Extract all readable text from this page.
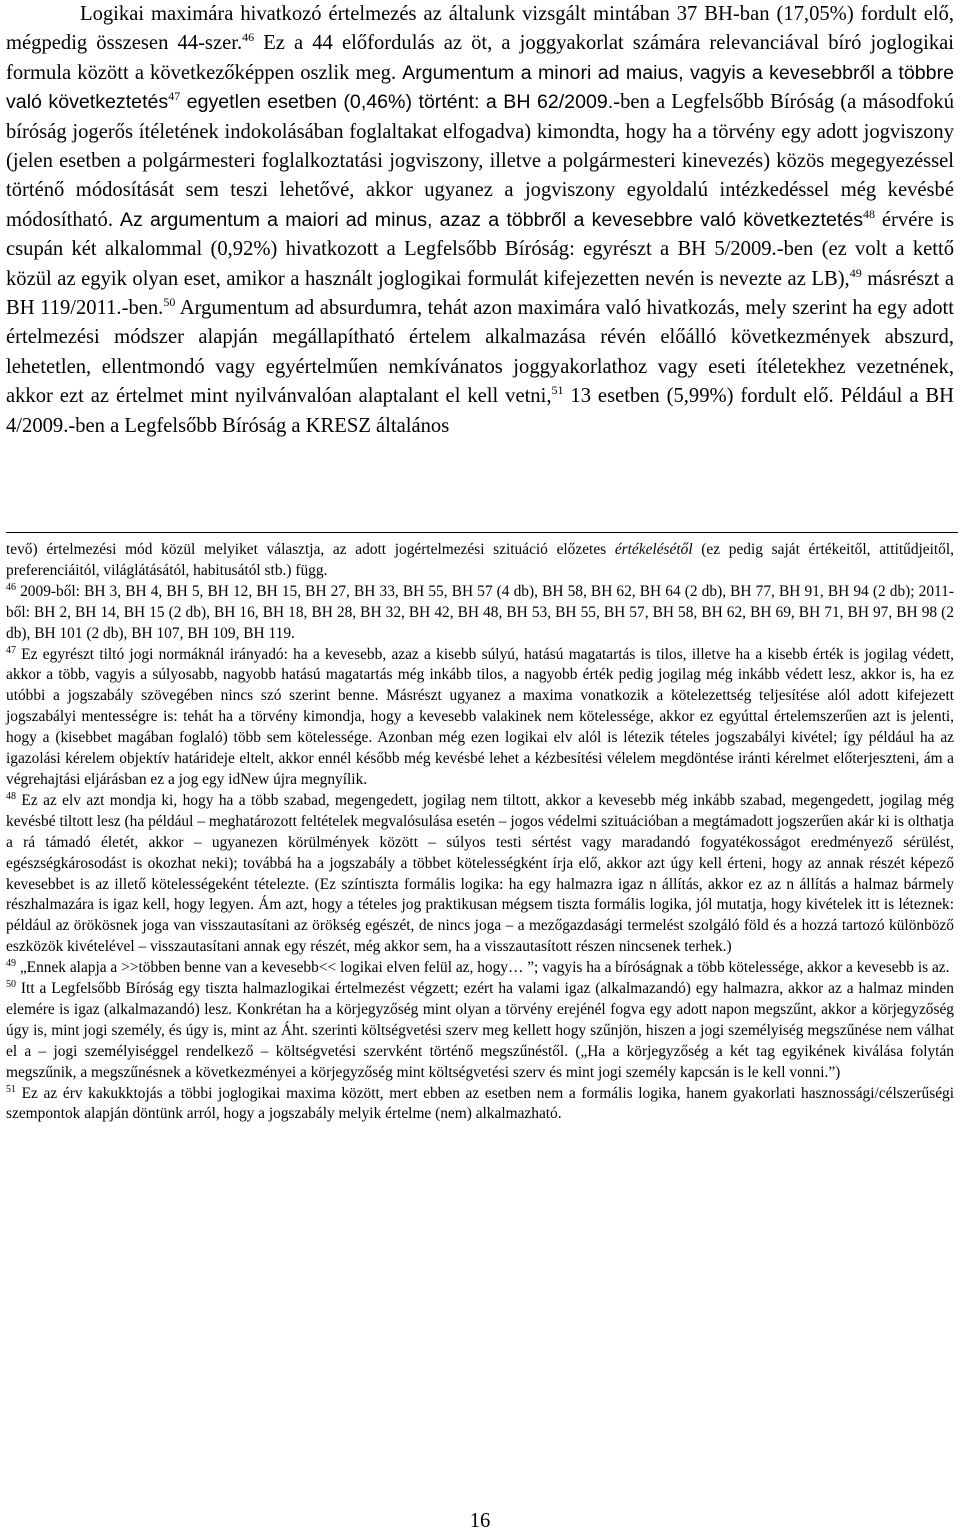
Logikai maximára hivatkozó értelmezés az általunk vizsgált mintában 37 BH-ban (17,05%) fordult elő, mégpedig összesen 44-szer.$^{46}$ Ez a 44 előfordulás az öt, a joggyakorlat számára relevanciával bíró joglogikai formula között a következőképpen oszlik meg. Argumentum a minori ad maius, vagyis a kevesebbről a többre való következtetés$^{47}$ egyetlen esetben (0,46%) történt: a BH 62/2009.-ben a Legfelsőbb Bíróság (a másodfokú bíróság jogerős ítéletének indokolásában foglaltakat elfogadva) kimondta, hogy ha a törvény egy adott jogviszony (jelen esetben a polgármesteri foglalkoztatási jogviszony, illetve a polgármesteri kinevezés) közös megegyezéssel történő módosítását sem teszi lehetővé, akkor ugyanez a jogviszony egyoldalú intézkedéssel még kevésbé módosítható. Az argumentum a maiori ad minus, azaz a többről a kevesebbre való következtetés$^{48}$ érvére is csupán két alkalommal (0,92%) hivatkozott a Legfelsőbb Bíróság: egyrészt a BH 5/2009.-ben (ez volt a kettő közül az egyik olyan eset, amikor a használt joglogikai formulát kifejezetten nevén is nevezte az LB),$^{49}$ másrészt a BH 119/2011.-ben.$^{50}$ Argumentum ad absurdumra, tehát azon maximára való hivatkozás, mely szerint ha egy adott értelmezési módszer alapján megállapítható értelem alkalmazása révén előálló következmények abszurd, lehetetlen, ellentmondó vagy egyértelműen nemkívánatos joggyakorlathoz vagy eseti ítéletekhez vezetnének, akkor ezt az értelmet mint nyilvánvalóan alaptalant el kell vetni,$^{51}$ 13 esetben (5,99%) fordult elő. Például a BH 4/2009.-ben a Legfelsőbb Bíróság a KRESZ általános

tevő) értelmezési mód közül melyiket választja, az adott jogértelmezési szituáció előzetes értékelésétől (ez pedig saját értékeitől, attitűdjeitől, preferenciáitól, világlátásától, habitusától stb.) függ.

$^{46}$ 2009-ből: BH 3, BH 4, BH 5, BH 12, BH 15, BH 27, BH 33, BH 55, BH 57 (4 db), BH 58, BH 62, BH 64 (2 db), BH 77, BH 91, BH 94 (2 db); 2011-ből: BH 2, BH 14, BH 15 (2 db), BH 16, BH 18, BH 28, BH 32, BH 42, BH 48, BH 53, BH 55, BH 57, BH 58, BH 62, BH 69, BH 71, BH 97, BH 98 (2 db), BH 101 (2 db), BH 107, BH 109, BH 119.

$^{47}$ Ez egyrészt tiltó jogi normáknál irányadó: ha a kevesebb, azaz a kisebb súlyú, hatású magatartás is tilos, illetve ha a kisebb érték is jogilag védett, akkor a több, vagyis a súlyosabb, nagyobb hatású magatartás még inkább tilos, a nagyobb érték pedig jogilag még inkább védett lesz, akkor is, ha ez utóbbi a jogszabály szövegében nincs szó szerint benne. Másrészt ugyanez a maxima vonatkozik a kötelezettség teljesítése alól adott kifejezett jogszabályi mentességre is: tehát ha a törvény kimondja, hogy a kevesebb valakinek nem kötelessége, akkor ez egyúttal értelemszerűen azt is jelenti, hogy a (kisebbet magában foglaló) több sem kötelessége. Azonban még ezen logikai elv alól is létezik tételes jogszabályi kivétel; így például ha az igazolási kérelem objektív határideje eltelt, akkor ennél később még kevésbé lehet a kézbesítési vélelem megdöntése iránti kérelmet előterjeszteni, ám a végrehajtási eljárásban ez a jog egy idNew újra megnyílik.

$^{48}$ Ez az elv azt mondja ki, hogy ha a több szabad, megengedett, jogilag nem tiltott, akkor a kevesebb még inkább szabad, megengedett, jogilag még kevésbé tiltott lesz (ha például – meghatározott feltételek megvalósulása esetén – jogos védelmi szituációban a megtámadott jogszerűen akár ki is olthatja a rá támadó életét, akkor – ugyanezen körülmények között – súlyos testi sértést vagy maradandó fogyatékosságot eredményező sérülést, egészségkárosodást is okozhat neki); továbbá ha a jogszabály a többet kötelességként írja elő, akkor azt úgy kell érteni, hogy az annak részét képező kevesebbet is az illető kötelességeként tételezte. (Ez színtiszta formális logika: ha egy halmazra igaz n állítás, akkor ez az n állítás a halmaz bármely részhalmazára is igaz kell, hogy legyen. Ám azt, hogy a tételes jog praktikusan mégsem tiszta formális logika, jól mutatja, hogy kivételek itt is léteznek: például az örökösnek joga van visszautasítani az örökség egészét, de nincs joga – a mezőgazdasági termelést szolgáló föld és a hozzá tartozó különböző eszközök kivételével – visszautasítani annak egy részét, még akkor sem, ha a visszautasított részen nincsenek terhek.)

$^{49}$ „Ennek alapja a >>többen benne van a kevesebb<< logikai elven felül az, hogy… ”; vagyis ha a bíróságnak a több kötelessége, akkor a kevesebb is az.

$^{50}$ Itt a Legfelsőbb Bíróság egy tiszta halmazlogikai értelmezést végzett; ezért ha valami igaz (alkalmazandó) egy halmazra, akkor az a halmaz minden elemére is igaz (alkalmazandó) lesz. Konkrétan ha a körjegyzőség mint olyan a törvény erejénél fogva egy adott napon megszűnt, akkor a körjegyzőség úgy is, mint jogi személy, és úgy is, mint az Áht. szerinti költségvetési szerv meg kellett hogy szűnjön, hiszen a jogi személyiség megszűnése nem válhat el a – jogi személyiséggel rendelkező – költségvetési szervként történő megszűnéstől. („Ha a körjegyzőség a két tag egyikének kiválása folytán megszűnik, a megszűnésnek a következményei a körjegyzőség mint költségvetési szerv és mint jogi személy kapcsán is le kell vonni.”)

$^{51}$ Ez az érv kakukktojás a többi joglogikai maxima között, mert ebben az esetben nem a formális logika, hanem gyakorlati hasznossági/célszerűségi szempontok alapján döntünk arról, hogy a jogszabály melyik értelme (nem) alkalmazható.

16
